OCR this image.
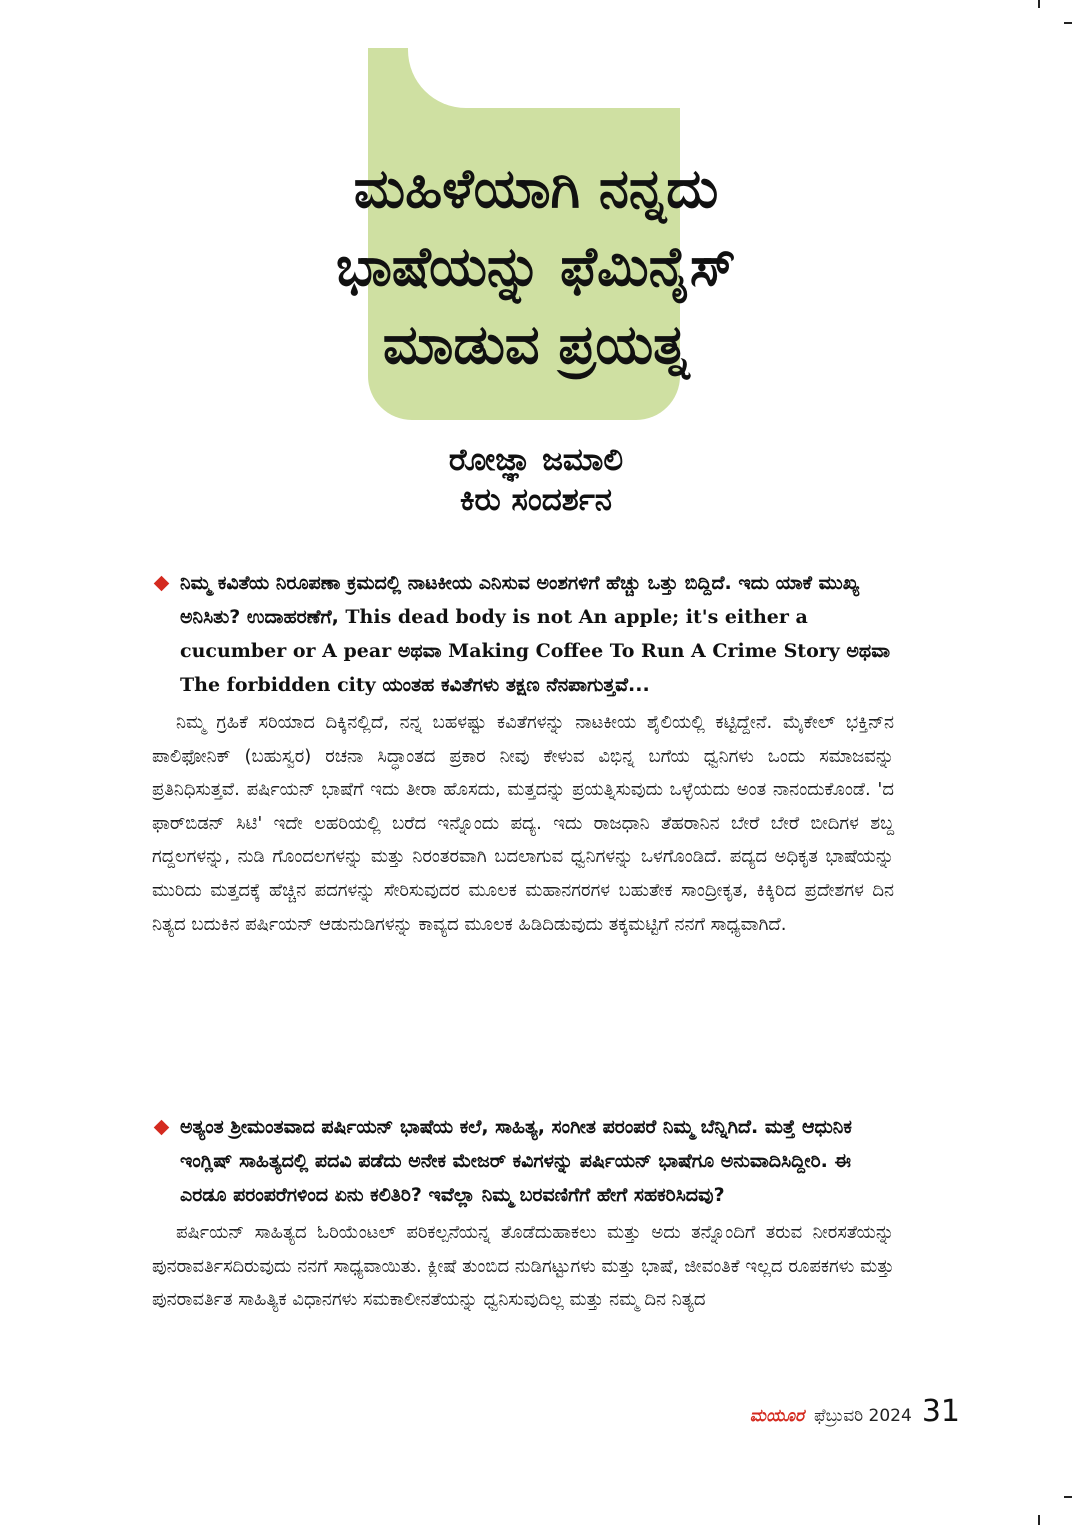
ಮಹಿಳೆಯಾಗಿ ನನ್ನದು
ಭಾಷೆಯನ್ನು ಫೆಮಿನೈಸ್
ಮಾಡುವ ಪ್ರಯತ್ನ
ರೋಜ್ಞಾ ಜಮಾಲಿ
ಕಿರು ಸಂದರ್ಶನ

ನಿಮ್ಮ ಕವಿತೆಯ ನಿರೂಪಣಾ ಕ್ರಮದಲ್ಲಿ ನಾಟಕೀಯ ಎನಿಸುವ ಅಂಶಗಳಿಗೆ ಹೆಚ್ಚು ಒತ್ತು ಬಿದ್ದಿದೆ. ಇದು ಯಾಕೆ ಮುಖ್ಯ ಅನಿಸಿತು? ಉದಾಹರಣೆಗೆ, This dead body is not An apple; it's either a cucumber or A pear ಅಥವಾ Making Coffee To Run A Crime Story ಅಥವಾ The forbidden city ಯಂತಹ ಕವಿತೆಗಳು ತಕ್ಷಣ ನೆನಪಾಗುತ್ತವೆ...

ನಿಮ್ಮ ಗ್ರಹಿಕೆ ಸರಿಯಾದ ದಿಕ್ಕಿನಲ್ಲಿದೆ, ನನ್ನ ಬಹಳಷ್ಟು ಕವಿತೆಗಳನ್ನು ನಾಟಕೀಯ ಶೈಲಿಯಲ್ಲಿ ಕಟ್ಟಿದ್ದೇನೆ. ಮೈಕೇಲ್ ಭಕ್ತಿನ್‌ನ ಪಾಲಿಫೋನಿಕ್ (ಬಹುಸ್ವರ) ರಚನಾ ಸಿದ್ಧಾಂತದ ಪ್ರಕಾರ ನೀವು ಕೇಳುವ ವಿಭಿನ್ನ ಬಗೆಯ ಧ್ವನಿಗಳು ಒಂದು ಸಮಾಜವನ್ನು ಪ್ರತಿನಿಧಿಸುತ್ತವೆ. ಪರ್ಷಿಯನ್ ಭಾಷೆಗೆ ಇದು ತೀರಾ ಹೊಸದು, ಮತ್ತದನ್ನು ಪ್ರಯತ್ನಿಸುವುದು ಒಳ್ಳೆಯದು ಅಂತ ನಾನಂದುಕೊಂಡೆ. 'ದ ಫಾರ್‌ಬಿಡನ್ ಸಿಟಿ' ಇದೇ ಲಹರಿಯಲ್ಲಿ ಬರೆದ ಇನ್ನೊಂದು ಪದ್ಯ. ಇದು ರಾಜಧಾನಿ ತೆಹರಾನಿನ ಬೇರೆ ಬೇರೆ ಬೀದಿಗಳ ಶಬ್ದ ಗದ್ದಲಗಳನ್ನು, ನುಡಿ ಗೊಂದಲಗಳನ್ನು ಮತ್ತು ನಿರಂತರವಾಗಿ ಬದಲಾಗುವ ಧ್ವನಿಗಳನ್ನು ಒಳಗೊಂಡಿದೆ. ಪದ್ಯದ ಅಧಿಕೃತ ಭಾಷೆಯನ್ನು ಮುರಿದು ಮತ್ತದಕ್ಕೆ ಹೆಚ್ಚಿನ ಪದಗಳನ್ನು ಸೇರಿಸುವುದರ ಮೂಲಕ ಮಹಾನಗರಗಳ ಬಹುತೇಕ ಸಾಂದ್ರೀಕೃತ, ಕಿಕ್ಕಿರಿದ ಪ್ರದೇಶಗಳ ದಿನ ನಿತ್ಯದ ಬದುಕಿನ ಪರ್ಷಿಯನ್ ಆಡುನುಡಿಗಳನ್ನು ಕಾವ್ಯದ ಮೂಲಕ ಹಿಡಿದಿಡುವುದು ತಕ್ಕಮಟ್ಟಿಗೆ ನನಗೆ ಸಾಧ್ಯವಾಗಿದೆ.

ಅತ್ಯಂತ ಶ್ರೀಮಂತವಾದ ಪರ್ಷಿಯನ್ ಭಾಷೆಯ ಕಲೆ, ಸಾಹಿತ್ಯ, ಸಂಗೀತ ಪರಂಪರೆ ನಿಮ್ಮ ಬೆನ್ನಿಗಿದೆ. ಮತ್ತೆ ಆಧುನಿಕ ಇಂಗ್ಲಿಷ್ ಸಾಹಿತ್ಯದಲ್ಲಿ ಪದವಿ ಪಡೆದು ಅನೇಕ ಮೇಜರ್ ಕವಿಗಳನ್ನು ಪರ್ಷಿಯನ್ ಭಾಷೆಗೂ ಅನುವಾದಿಸಿದ್ದೀರಿ. ಈ ಎರಡೂ ಪರಂಪರೆಗಳಿಂದ ಏನು ಕಲಿತಿರಿ? ಇವೆಲ್ಲಾ ನಿಮ್ಮ ಬರವಣಿಗೆಗೆ ಹೇಗೆ ಸಹಕರಿಸಿದವು?

ಪರ್ಷಿಯನ್ ಸಾಹಿತ್ಯದ ಓರಿಯೆಂಟಲ್ ಪರಿಕಲ್ಪನೆಯನ್ನ ತೊಡೆದುಹಾಕಲು ಮತ್ತು ಅದು ತನ್ನೊಂದಿಗೆ ತರುವ ನೀರಸತೆಯನ್ನು ಪುನರಾವರ್ತಿಸದಿರುವುದು ನನಗೆ ಸಾಧ್ಯವಾಯಿತು. ಕ್ಲೀಷೆ ತುಂಬಿದ ನುಡಿಗಟ್ಟುಗಳು ಮತ್ತು ಭಾಷೆ, ಜೀವಂತಿಕೆ ಇಲ್ಲದ ರೂಪಕಗಳು ಮತ್ತು ಪುನರಾವರ್ತಿತ ಸಾಹಿತ್ಯಿಕ ವಿಧಾನಗಳು ಸಮಕಾಲೀನತೆಯನ್ನು ಧ್ವನಿಸುವುದಿಲ್ಲ ಮತ್ತು ನಮ್ಮ ದಿನ ನಿತ್ಯದ

ಮಯೂರ ಫೆಬ್ರುವರಿ 2024 31
